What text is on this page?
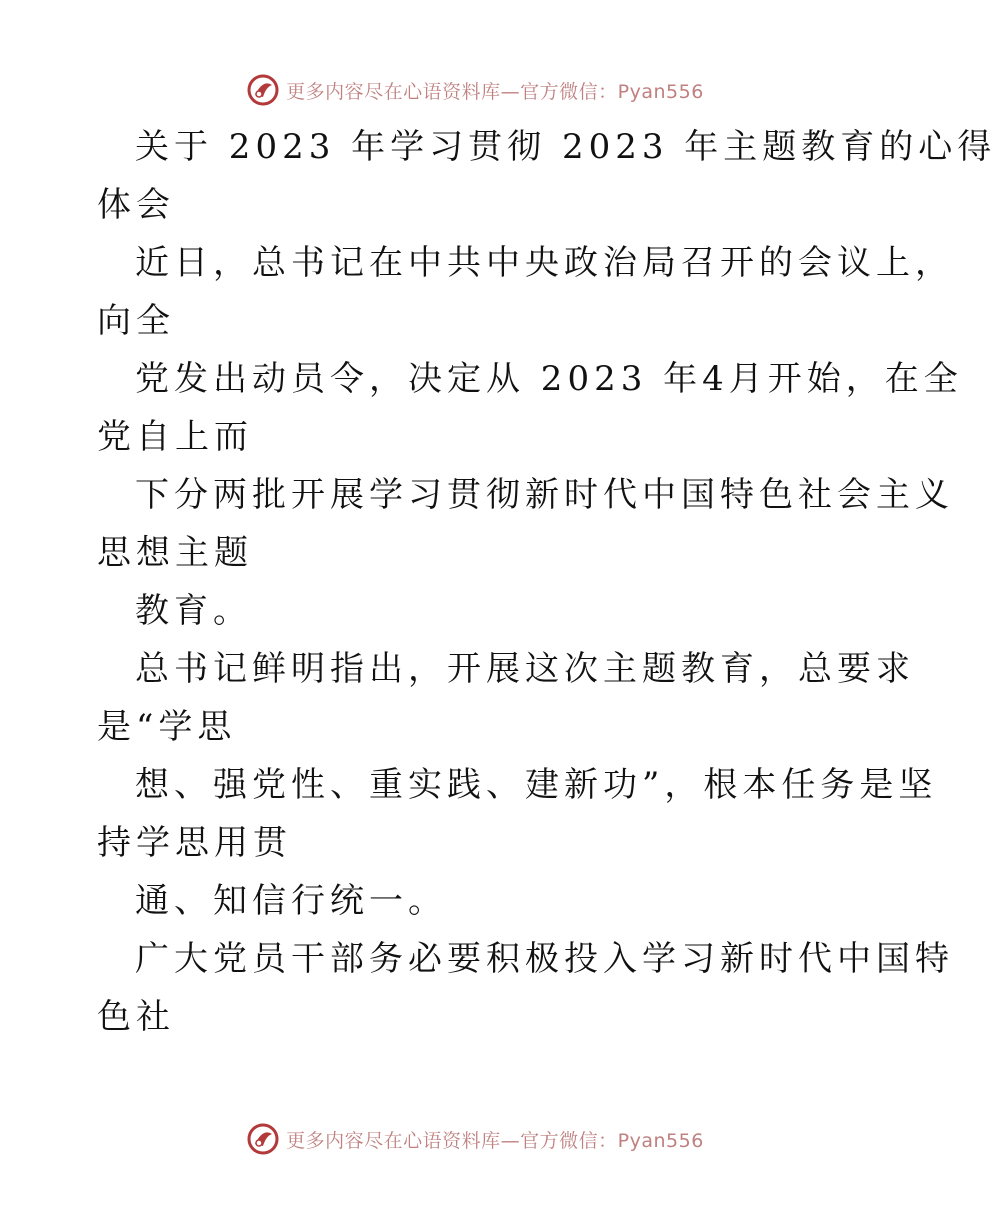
更多内容尽在心语资料库—官方微信：Pyan556
关于 2023 年学习贯彻 2023 年主题教育的心得
体会
近日，总书记在中共中央政治局召开的会议上，
向全
党发出动员令，决定从 2023 年4月开始，在全
党自上而
下分两批开展学习贯彻新时代中国特色社会主义
思想主题
教育。
总书记鲜明指出，开展这次主题教育，总要求
是“学思
想、强党性、重实践、建新功”，根本任务是坚
持学思用贯
通、知信行统一。
广大党员干部务必要积极投入学习新时代中国特
色社
更多内容尽在心语资料库—官方微信：Pyan556
